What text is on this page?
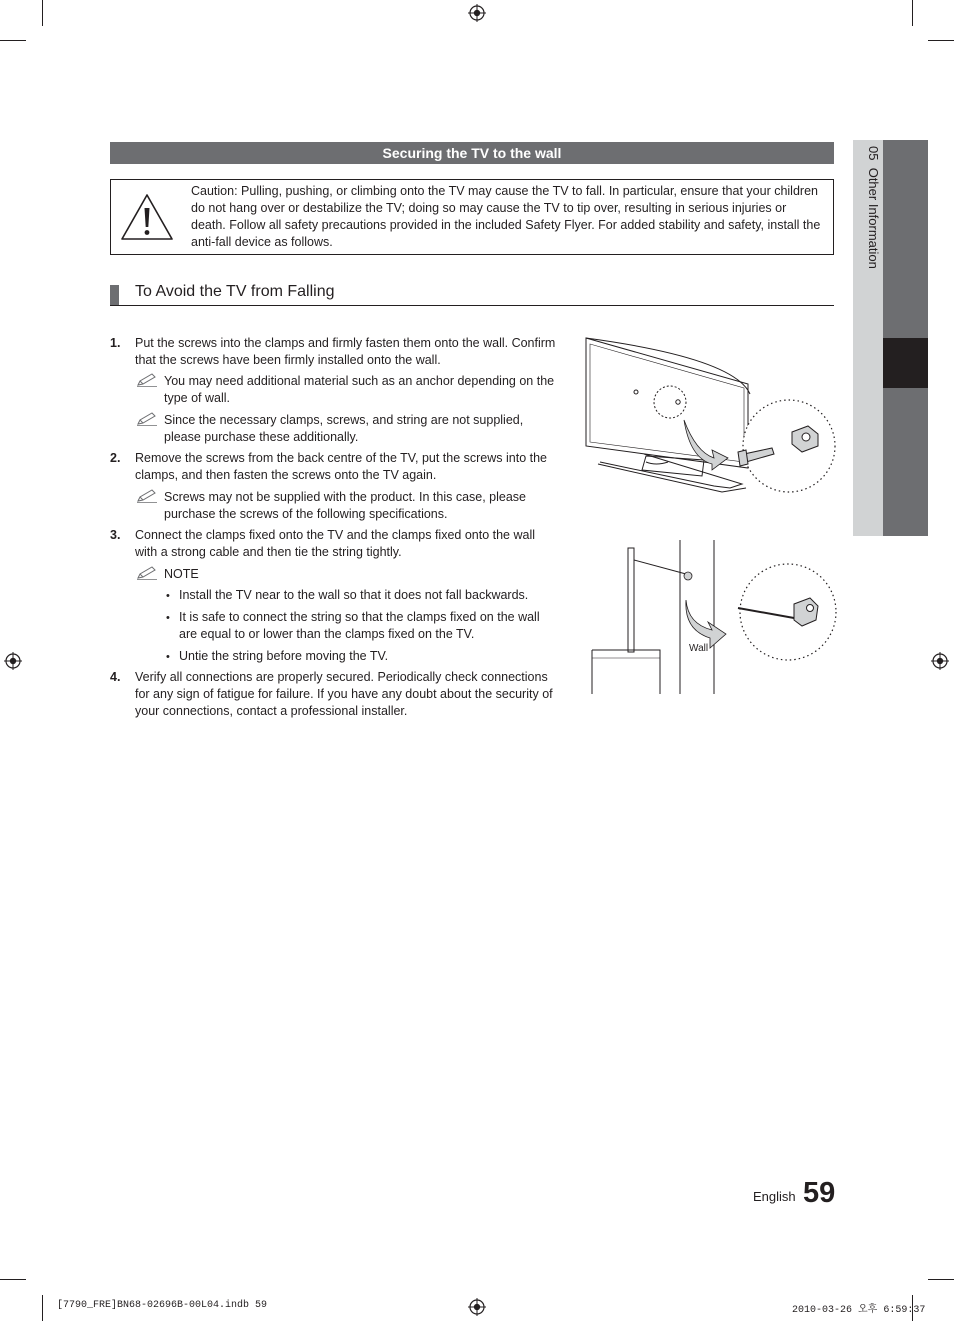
Securing the TV to the wall
Caution: Pulling, pushing, or climbing onto the TV may cause the TV to fall. In particular, ensure that your children do not hang over or destabilize the TV; doing so may cause the TV to tip over, resulting in serious injuries or death. Follow all safety precautions provided in the included Safety Flyer. For added stability and safety, install the anti-fall device as follows.
To Avoid the TV from Falling
1. Put the screws into the clamps and firmly fasten them onto the wall. Confirm that the screws have been firmly installed onto the wall.
You may need additional material such as an anchor depending on the type of wall.
Since the necessary clamps, screws, and string are not supplied, please purchase these additionally.
2. Remove the screws from the back centre of the TV, put the screws into the clamps, and then fasten the screws onto the TV again.
Screws may not be supplied with the product. In this case, please purchase the screws of the following specifications.
3. Connect the clamps fixed onto the TV and the clamps fixed onto the wall with a strong cable and then tie the string tightly.
NOTE
• Install the TV near to the wall so that it does not fall backwards.
• It is safe to connect the string so that the clamps fixed on the wall are equal to or lower than the clamps fixed on the TV.
• Untie the string before moving the TV.
4. Verify all connections are properly secured. Periodically check connections for any sign of fatigue for failure. If you have any doubt about the security of your connections, contact a professional installer.
Wall
05  Other Information
English 59
[7790_FRE]BN68-02696B-00L04.indb 59	2010-03-26 오후 6:59:37
